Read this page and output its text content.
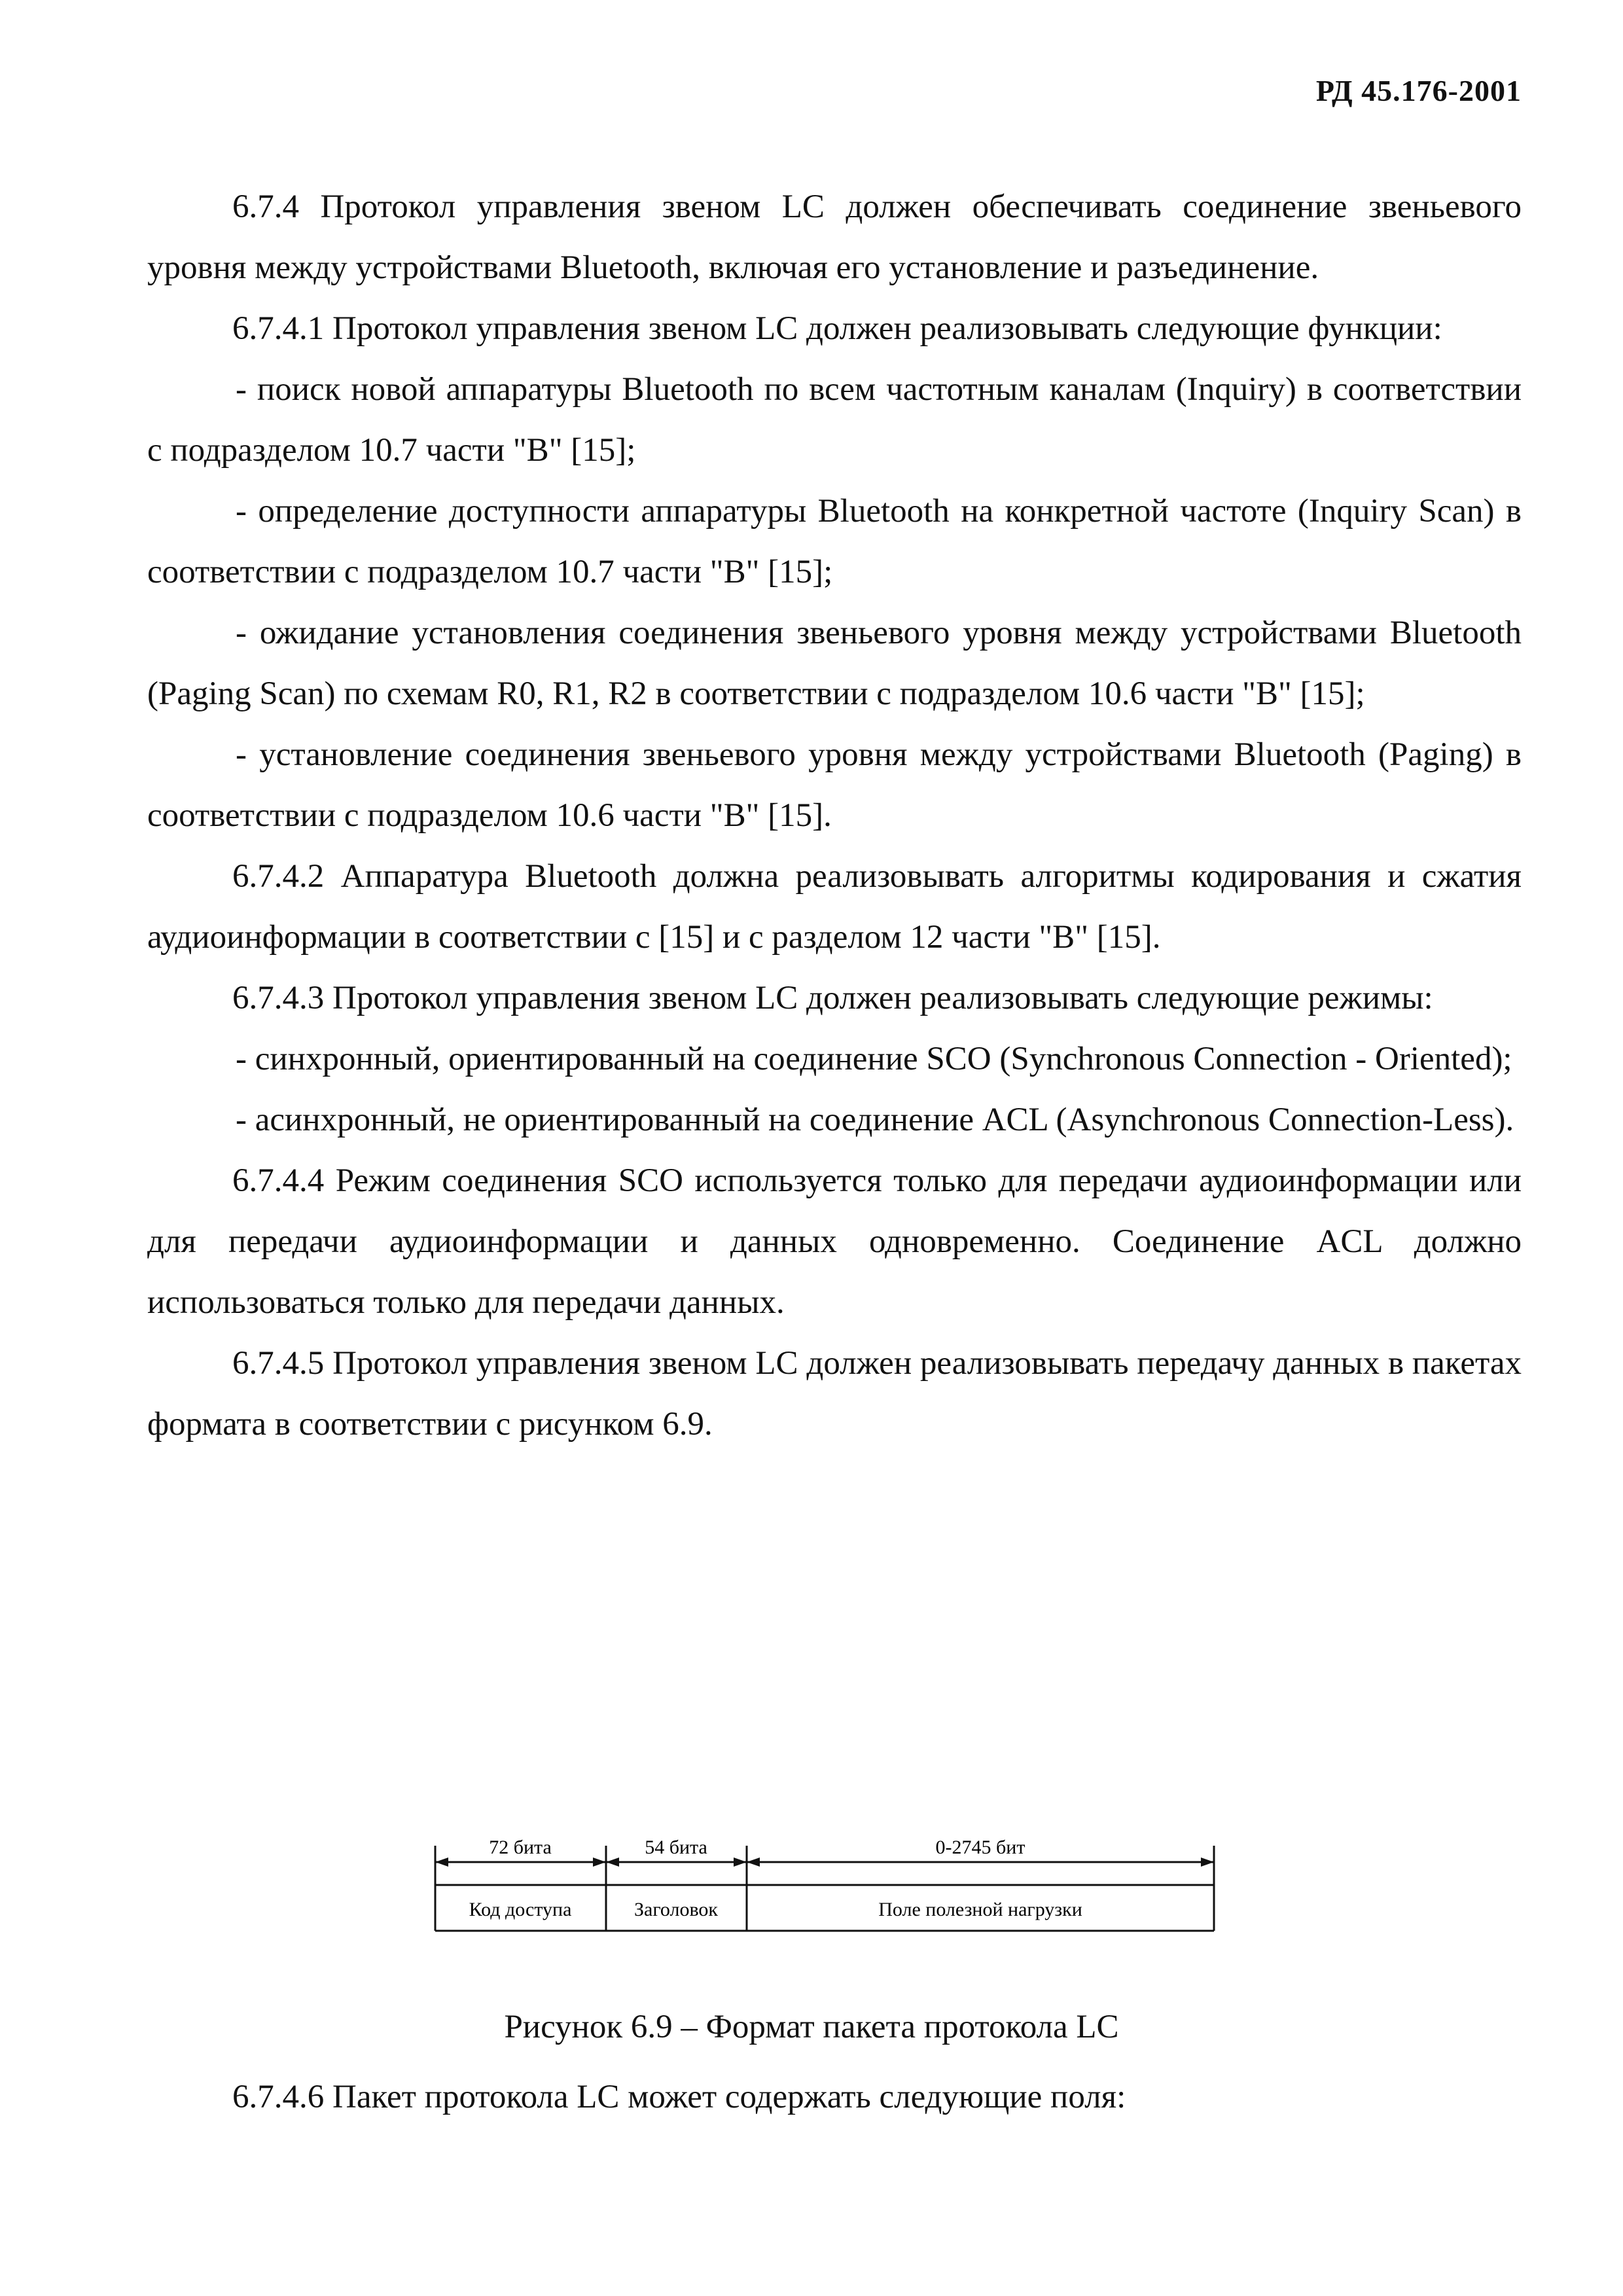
РД 45.176-2001

6.7.4 Протокол управления звеном LC должен обеспечивать соединение звеньевого уровня между устройствами Bluetooth, включая его установление и разъединение.

6.7.4.1 Протокол управления звеном LC должен реализовывать следующие функции:

- поиск новой аппаратуры Bluetooth по всем частотным каналам (Inquiry) в соответствии с подразделом 10.7 части "B" [15];

- определение доступности аппаратуры Bluetooth на конкретной частоте (Inquiry Scan) в соответствии с подразделом 10.7 части "B" [15];

- ожидание установления соединения звеньевого уровня между устройствами Bluetooth (Paging Scan) по схемам R0, R1, R2 в соответствии с подразделом 10.6 части "B" [15];

- установление соединения звеньевого уровня между устройствами Bluetooth (Paging) в соответствии с подразделом 10.6 части "B" [15].

6.7.4.2 Аппаратура Bluetooth должна реализовывать алгоритмы кодирования и сжатия аудиоинформации в соответствии с [15] и с разделом 12 части "B" [15].

6.7.4.3 Протокол управления звеном LC должен реализовывать следующие режимы:

- синхронный, ориентированный на соединение SCO (Synchronous Connection - Oriented);

- асинхронный, не ориентированный на соединение ACL (Asynchronous Connection-Less).

6.7.4.4 Режим соединения SCO используется только для передачи аудиоинформации или для передачи аудиоинформации и данных одновременно. Соединение ACL должно использоваться только для передачи данных.

6.7.4.5 Протокол управления звеном LC должен реализовывать передачу данных в пакетах формата в соответствии с рисунком 6.9.

72 бита	54 бита	0-2745 бит
Код доступа	Заголовок	Поле полезной нагрузки
Рисунок 6.9 – Формат пакета протокола LC
6.7.4.6 Пакет протокола LC может содержать следующие поля:
